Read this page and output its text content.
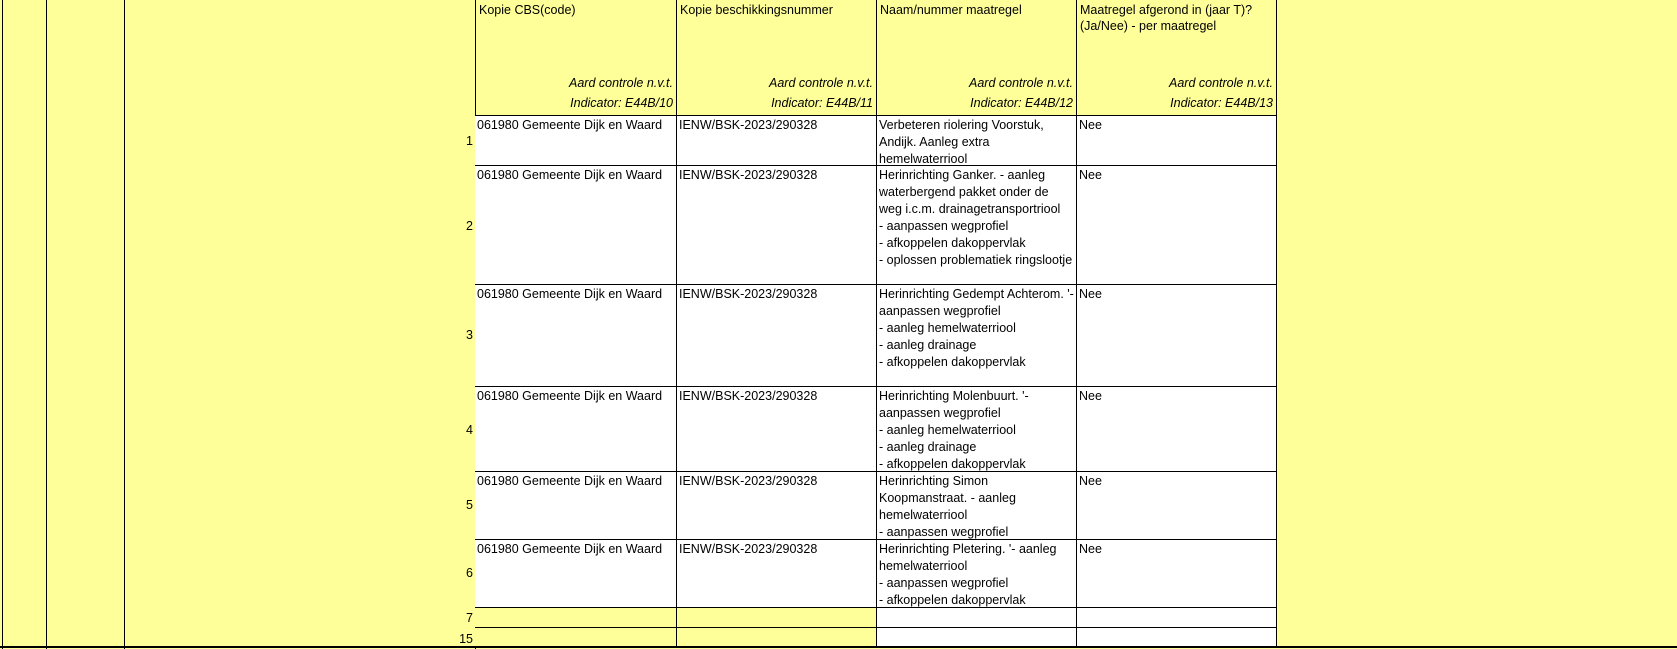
Kopie CBS(code)
Aard controle n.v.t.
Indicator: E44B/10
Kopie beschikkingsnummer
Aard controle n.v.t.
Indicator: E44B/11
Naam/nummer maatregel
Aard controle n.v.t.
Indicator: E44B/12
Maatregel afgerond in (jaar T)? (Ja/Nee) - per maatregel
Aard controle n.v.t.
Indicator: E44B/13
1
061980 Gemeente Dijk en Waard	IENW/BSK-2023/290328	Verbeteren riolering Voorstuk, Andijk. Aanleg extra hemelwaterriool
Nee
2
061980 Gemeente Dijk en Waard	IENW/BSK-2023/290328	Herinrichting Ganker. - aanleg waterbergend pakket onder de weg i.c.m. drainagetransportriool
- aanpassen wegprofiel
- afkoppelen dakoppervlak
- oplossen problematiek ringslootje
Nee
3
061980 Gemeente Dijk en Waard	IENW/BSK-2023/290328	Herinrichting Gedempt Achterom. '- aanpassen wegprofiel
- aanleg hemelwaterriool
- aanleg drainage
- afkoppelen dakoppervlak
Nee
4
061980 Gemeente Dijk en Waard	IENW/BSK-2023/290328	Herinrichting Molenbuurt. '- aanpassen wegprofiel
- aanleg hemelwaterriool
- aanleg drainage
- afkoppelen dakoppervlak
Nee
5
061980 Gemeente Dijk en Waard	IENW/BSK-2023/290328	Herinrichting Simon Koopmanstraat. - aanleg hemelwaterriool
- aanpassen wegprofiel
Nee
6
061980 Gemeente Dijk en Waard	IENW/BSK-2023/290328	Herinrichting Pletering. '- aanleg hemelwaterriool
- aanpassen wegprofiel
- afkoppelen dakoppervlak
Nee
7
15
